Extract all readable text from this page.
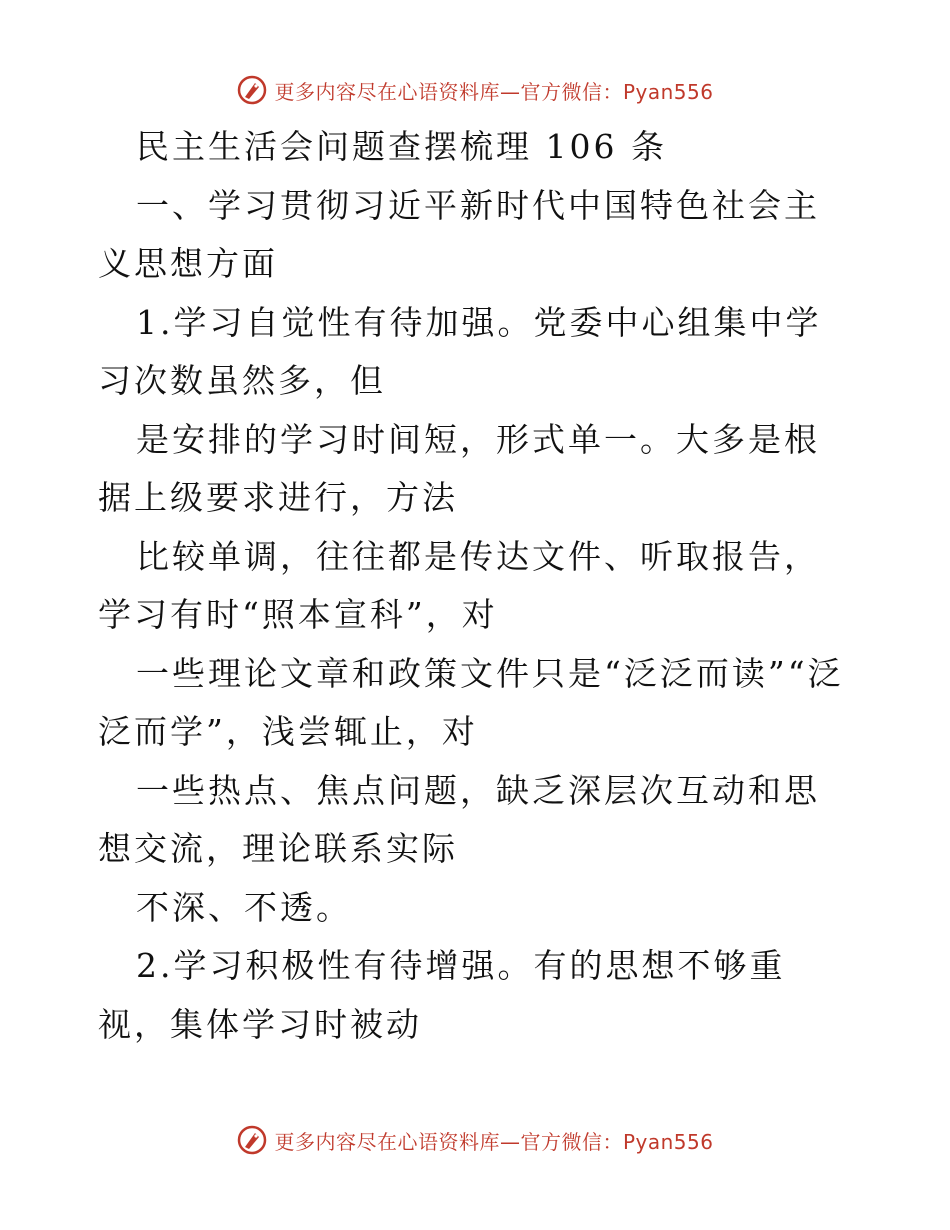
更多内容尽在心语资料库—官方微信：Pyan556

民主生活会问题查摆梳理 106 条

一、学习贯彻习近平新时代中国特色社会主义思想方面

1.学习自觉性有待加强。党委中心组集中学习次数虽然多，但

是安排的学习时间短，形式单一。大多是根据上级要求进行，方法

比较单调，往往都是传达文件、听取报告，学习有时“照本宣科”，对

一些理论文章和政策文件只是“泛泛而读”“泛泛而学”，浅尝辄止，对

一些热点、焦点问题，缺乏深层次互动和思想交流，理论联系实际

不深、不透。

2.学习积极性有待增强。有的思想不够重视，集体学习时被动

更多内容尽在心语资料库—官方微信：Pyan556
